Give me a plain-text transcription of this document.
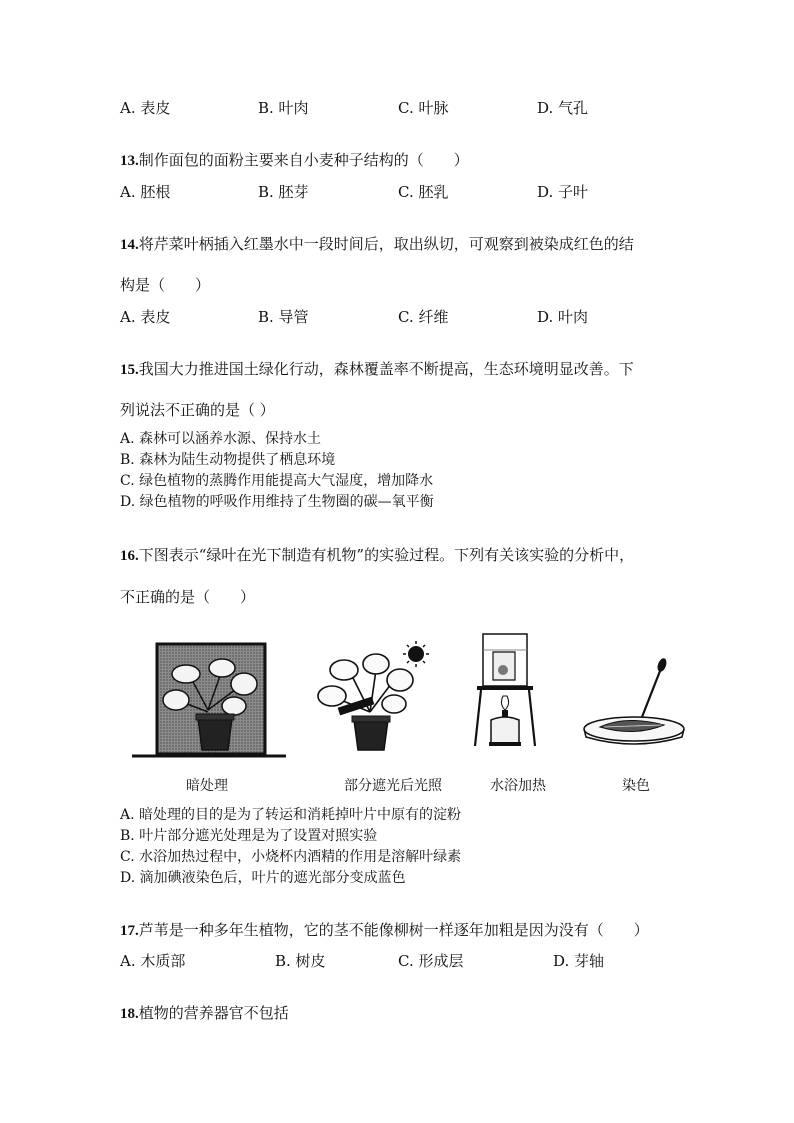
A. 表皮	B. 叶肉	C. 叶脉	D. 气孔
13.制作面包的面粉主要来自小麦种子结构的（　　）
A. 胚根	B. 胚芽	C. 胚乳	D. 子叶
14.将芹菜叶柄插入红墨水中一段时间后，取出纵切，可观察到被染成红色的结
构是（　　）
A. 表皮	B. 导管	C. 纤维	D. 叶肉
15.我国大力推进国土绿化行动，森林覆盖率不断提高，生态环境明显改善。下
列说法不正确的是（ ）
A. 森林可以涵养水源、保持水土
B. 森林为陆生动物提供了栖息环境
C. 绿色植物的蒸腾作用能提高大气湿度，增加降水
D. 绿色植物的呼吸作用维持了生物圈的碳—氧平衡
16.下图表示“绿叶在光下制造有机物”的实验过程。下列有关该实验的分析中，
不正确的是（　　）
暗处理	部分遮光后光照	水浴加热	染色
A. 暗处理的目的是为了转运和消耗掉叶片中原有的淀粉
B. 叶片部分遮光处理是为了设置对照实验
C. 水浴加热过程中，小烧杯内酒精的作用是溶解叶绿素
D. 滴加碘液染色后，叶片的遮光部分变成蓝色
17.芦苇是一种多年生植物，它的茎不能像柳树一样逐年加粗是因为没有（　　）
A. 木质部	B. 树皮	C. 形成层	D. 芽轴
18.植物的营养器官不包括
